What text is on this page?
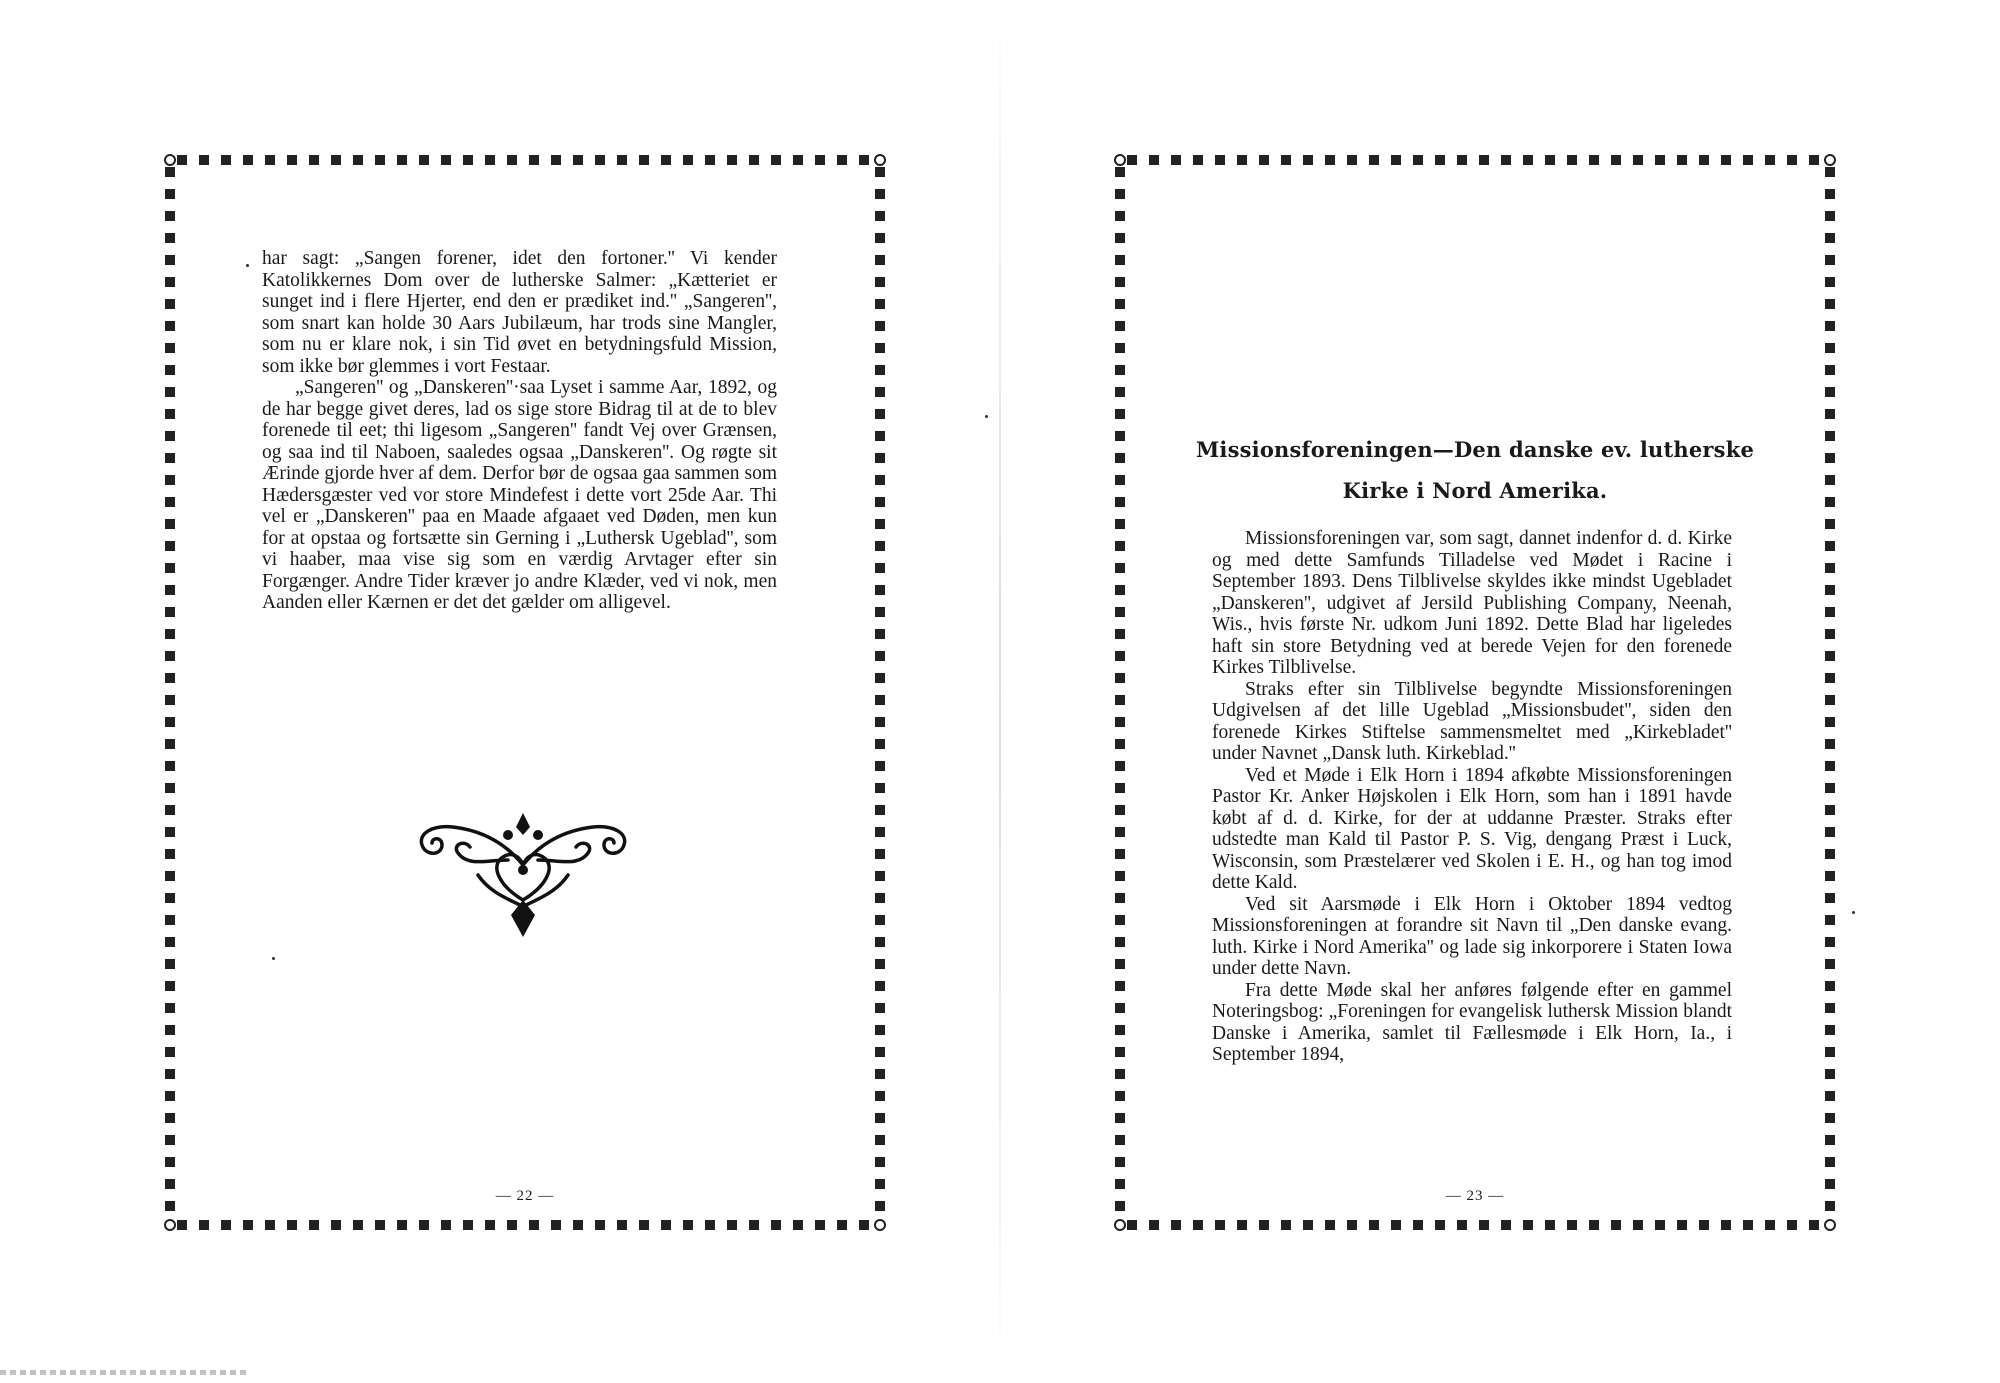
har sagt: „Sangen forener, idet den fortoner.'' Vi kender Katolikkernes Dom over de lutherske Salmer: „Kætteriet er sunget ind i flere Hjerter, end den er prædiket ind.'' „Sangeren'', som snart kan holde 30 Aars Jubilæum, har trods sine Mangler, som nu er klare nok, i sin Tid øvet en betydningsfuld Mission, som ikke bør glemmes i vort Festaar.

„Sangeren'' og „Danskeren''·saa Lyset i samme Aar, 1892, og de har begge givet deres, lad os sige store Bidrag til at de to blev forenede til eet; thi ligesom „Sangeren'' fandt Vej over Grænsen, og saa ind til Naboen, saaledes ogsaa „Danskeren''. Og røgte sit Ærinde gjorde hver af dem. Derfor bør de ogsaa gaa sammen som Hædersgæster ved vor store Mindefest i dette vort 25de Aar. Thi vel er „Danskeren'' paa en Maade afgaaet ved Døden, men kun for at opstaa og fortsætte sin Gerning i „Luthersk Ugeblad'', som vi haaber, maa vise sig som en værdig Arvtager efter sin Forgænger. Andre Tider kræver jo andre Klæder, ved vi nok, men Aanden eller Kærnen er det det gælder om alligevel.

— 22 —
Missionsforeningen—Den danske ev. lutherske
Kirke i Nord Amerika.

Missionsforeningen var, som sagt, dannet indenfor d. d. Kirke og med dette Samfunds Tilladelse ved Mødet i Racine i September 1893. Dens Tilblivelse skyldes ikke mindst Ugebladet „Danskeren'', udgivet af Jersild Publishing Company, Neenah, Wis., hvis første Nr. udkom Juni 1892. Dette Blad har ligeledes haft sin store Betydning ved at berede Vejen for den forenede Kirkes Tilblivelse.

Straks efter sin Tilblivelse begyndte Missionsforeningen Udgivelsen af det lille Ugeblad „Missionsbudet'', siden den forenede Kirkes Stiftelse sammensmeltet med „Kirkebladet'' under Navnet „Dansk luth. Kirkeblad.''

Ved et Møde i Elk Horn i 1894 afkøbte Missionsforeningen Pastor Kr. Anker Højskolen i Elk Horn, som han i 1891 havde købt af d. d. Kirke, for der at uddanne Præster. Straks efter udstedte man Kald til Pastor P. S. Vig, dengang Præst i Luck, Wisconsin, som Præstelærer ved Skolen i E. H., og han tog imod dette Kald.

Ved sit Aarsmøde i Elk Horn i Oktober 1894 vedtog Missionsforeningen at forandre sit Navn til „Den danske evang. luth. Kirke i Nord Amerika'' og lade sig inkorporere i Staten Iowa under dette Navn.

Fra dette Møde skal her anføres følgende efter en gammel Noteringsbog: „Foreningen for evangelisk luthersk Mission blandt Danske i Amerika, samlet til Fællesmøde i Elk Horn, Ia., i September 1894,

— 23 —
